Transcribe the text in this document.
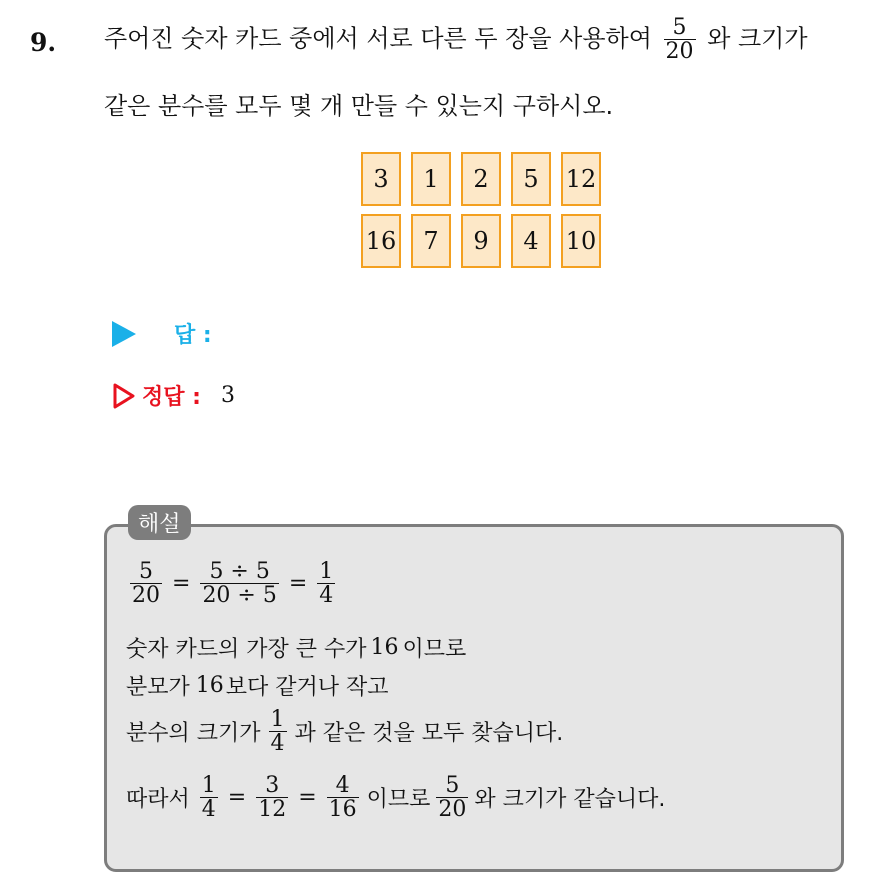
9. 주어진 숫자 카드 중에서 서로 다른 두 장을 사용하여 $\frac{5}{20}$ 와 크기가
같은 분수를 모두 몇 개 만들 수 있는지 구하시오.
3	1	2	5	12
16	7	9	4	10
답 :
정답 : 3
해설
$\frac{5}{20} = \frac{5 \div 5}{20 \div 5} = \frac{1}{4}$
숫자 카드의 가장 큰 수가 16 이므로
분모가 16 보다 같거나 작고
분수의 크기가 $\frac{1}{4}$ 과 같은 것을 모두 찾습니다.
따라서 $\frac{1}{4} = \frac{3}{12} = \frac{4}{16}$ 이므로 $\frac{5}{20}$ 와 크기가 같습니다.
